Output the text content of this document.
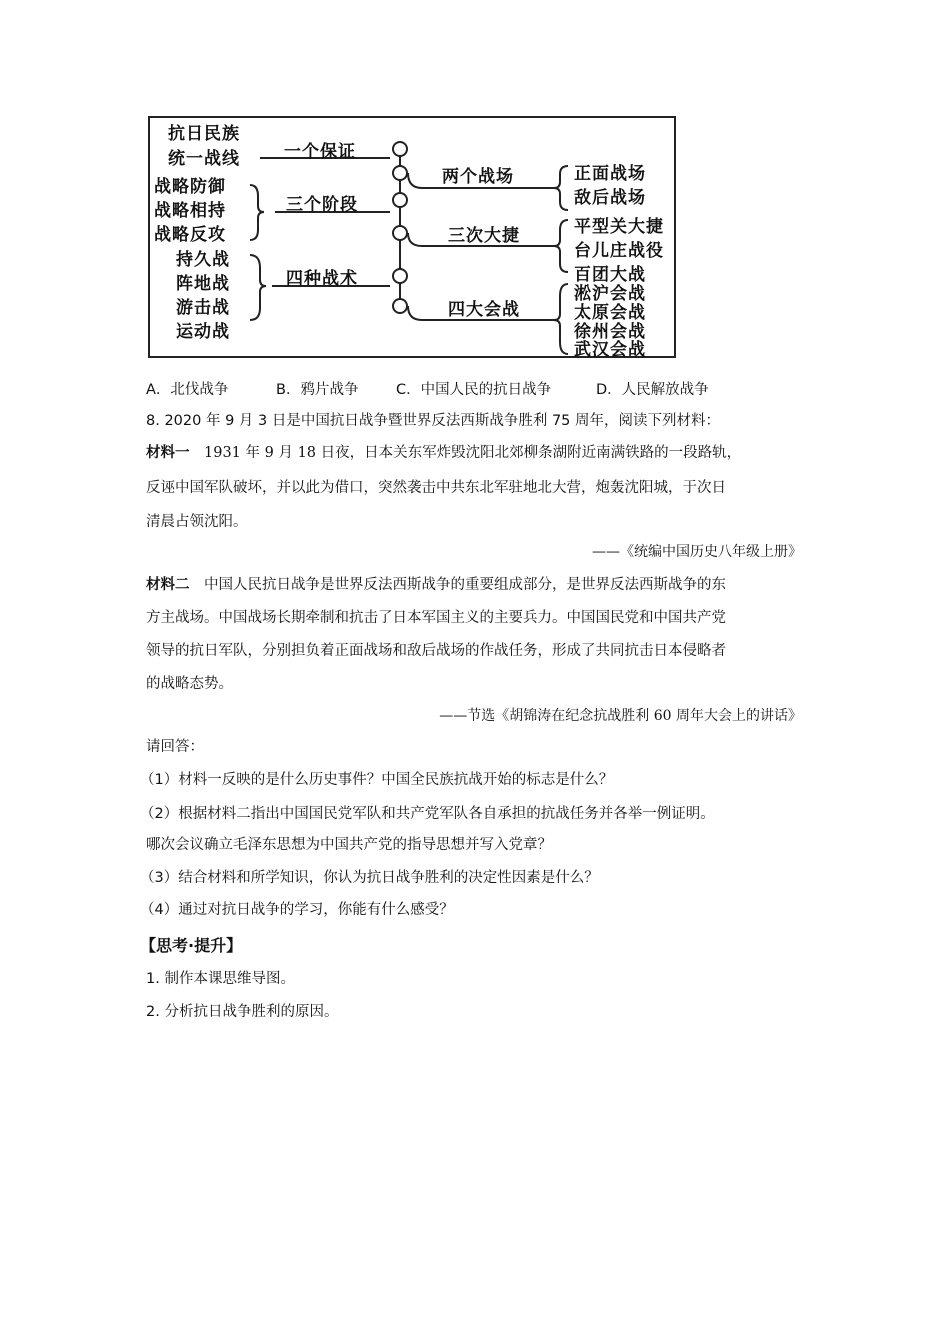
抗日民族
统一战线
战略防御
战略相持
战略反攻
持久战
阵地战
游击战
运动战
一个保证
三个阶段
四种战术
两个战场
三次大捷
四大会战
正面战场
敌后战场
平型关大捷
台儿庄战役
百团大战
淞沪会战
太原会战
徐州会战
武汉会战
A．北伐战争	B．鸦片战争	C．中国人民的抗日战争	D．人民解放战争
8. 2020 年 9 月 3 日是中国抗日战争暨世界反法西斯战争胜利 75 周年，阅读下列材料：
材料一　1931 年 9 月 18 日夜，日本关东军炸毁沈阳北郊柳条湖附近南满铁路的一段路轨，
反诬中国军队破坏，并以此为借口，突然袭击中共东北军驻地北大营，炮轰沈阳城，于次日
清晨占领沈阳。
——《统编中国历史八年级上册》
材料二　中国人民抗日战争是世界反法西斯战争的重要组成部分，是世界反法西斯战争的东
方主战场。中国战场长期牵制和抗击了日本军国主义的主要兵力。中国国民党和中国共产党
领导的抗日军队，分别担负着正面战场和敌后战场的作战任务，形成了共同抗击日本侵略者
的战略态势。
——节选《胡锦涛在纪念抗战胜利 60 周年大会上的讲话》
请回答：
（1）材料一反映的是什么历史事件？中国全民族抗战开始的标志是什么？
（2）根据材料二指出中国国民党军队和共产党军队各自承担的抗战任务并各举一例证明。
哪次会议确立毛泽东思想为中国共产党的指导思想并写入党章？
（3）结合材料和所学知识，你认为抗日战争胜利的决定性因素是什么？
（4）通过对抗日战争的学习，你能有什么感受？
【思考·提升】
1. 制作本课思维导图。
2. 分析抗日战争胜利的原因。
